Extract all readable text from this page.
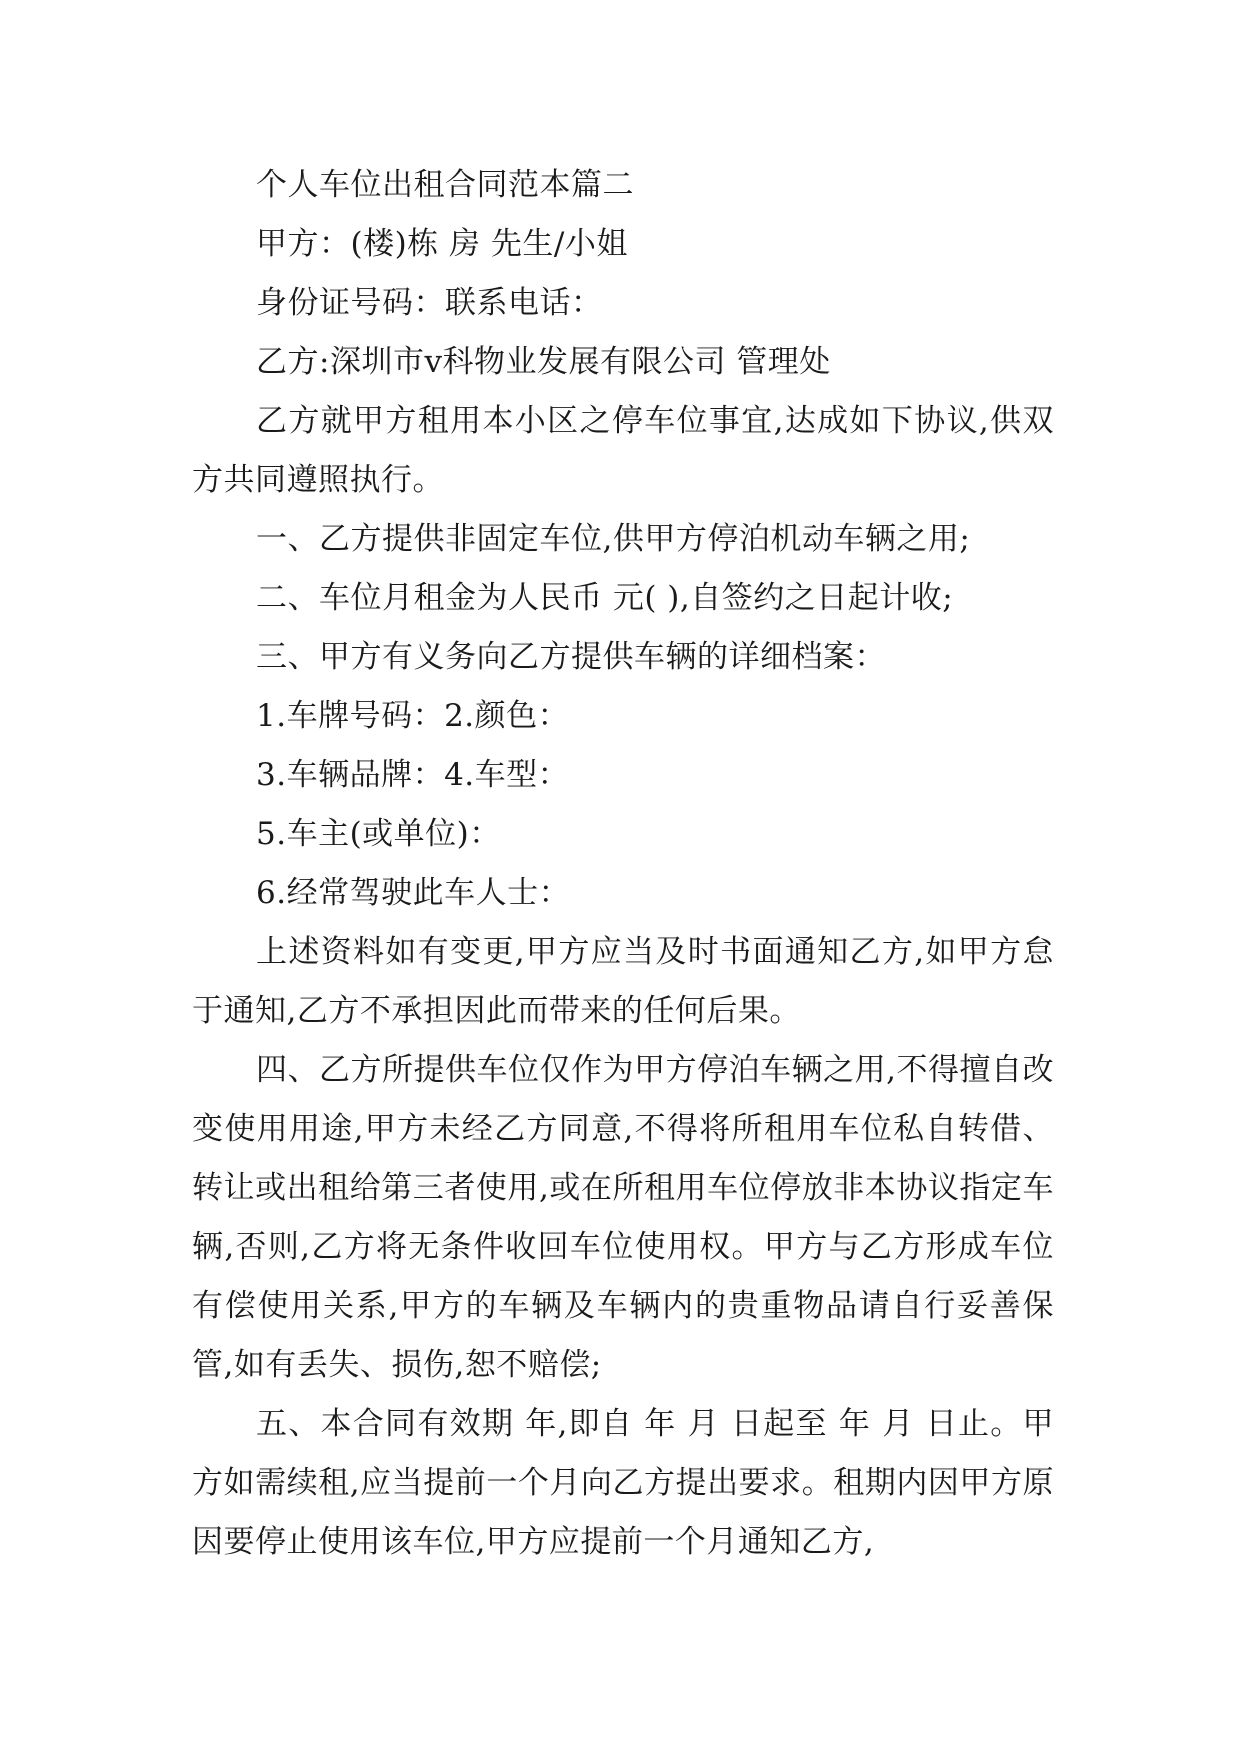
个人车位出租合同范本篇二

甲方：(楼)栋 房 先生/小姐

身份证号码：联系电话：

乙方:深圳市v科物业发展有限公司 管理处

乙方就甲方租用本小区之停车位事宜,达成如下协议,供双方共同遵照执行。

一、乙方提供非固定车位,供甲方停泊机动车辆之用;

二、车位月租金为人民币 元( ),自签约之日起计收;

三、甲方有义务向乙方提供车辆的详细档案：

1.车牌号码：2.颜色：

3.车辆品牌：4.车型：

5.车主(或单位)：

6.经常驾驶此车人士：

上述资料如有变更,甲方应当及时书面通知乙方,如甲方怠于通知,乙方不承担因此而带来的任何后果。

四、乙方所提供车位仅作为甲方停泊车辆之用,不得擅自改变使用用途,甲方未经乙方同意,不得将所租用车位私自转借、转让或出租给第三者使用,或在所租用车位停放非本协议指定车辆,否则,乙方将无条件收回车位使用权。甲方与乙方形成车位有偿使用关系,甲方的车辆及车辆内的贵重物品请自行妥善保管,如有丢失、损伤,恕不赔偿;

五、本合同有效期 年,即自 年 月 日起至 年 月 日止。甲方如需续租,应当提前一个月向乙方提出要求。租期内因甲方原因要停止使用该车位,甲方应提前一个月通知乙方,
